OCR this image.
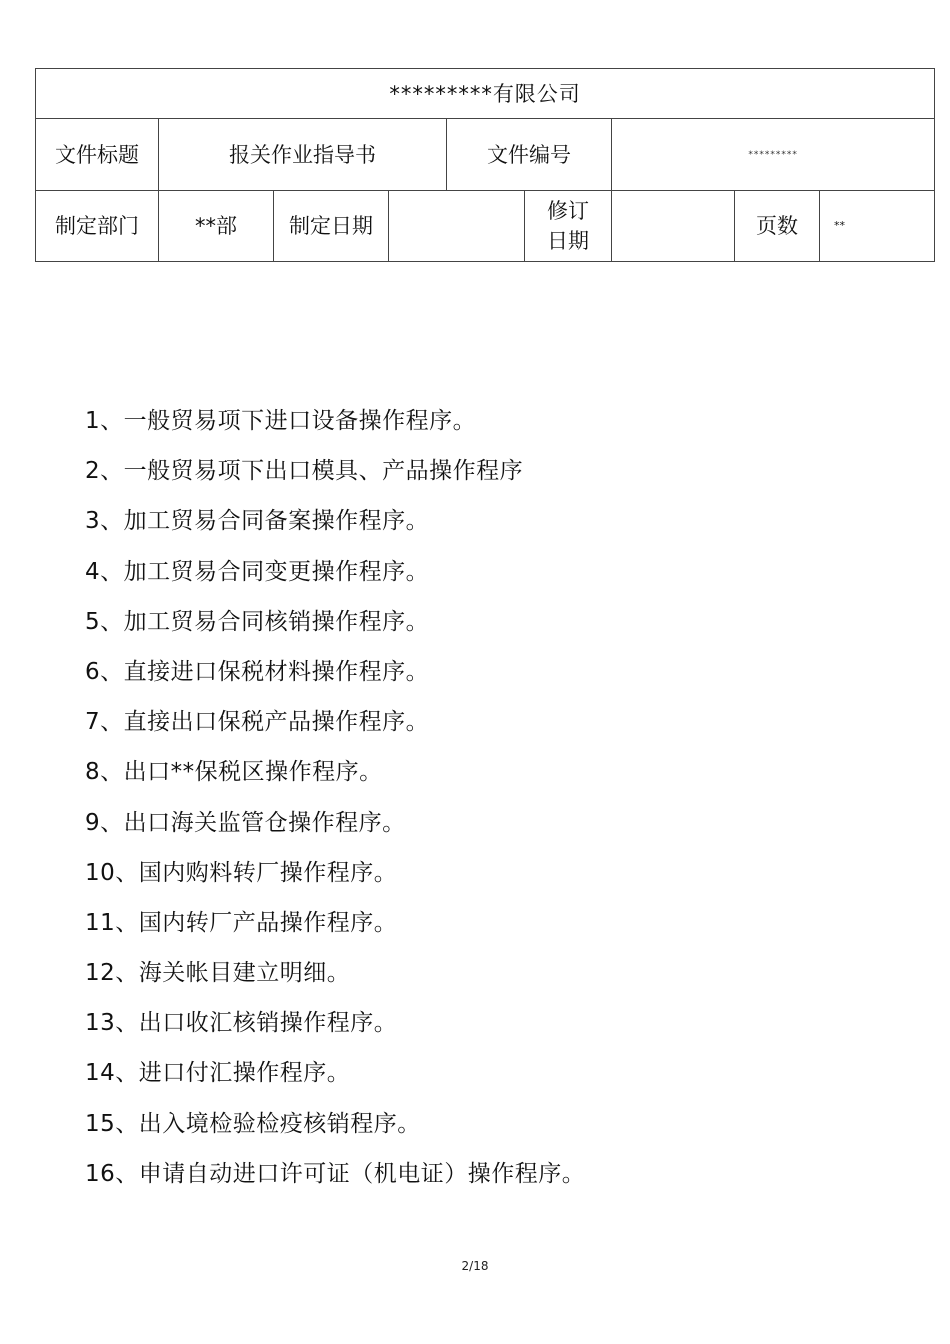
*********有限公司								
文件标题	报关作业指导书			文件编号		*********		
制定部门	**部	制定日期			修订日期		页数	**
1、一般贸易项下进口设备操作程序。
2、一般贸易项下出口模具、产品操作程序
3、加工贸易合同备案操作程序。
4、加工贸易合同变更操作程序。
5、加工贸易合同核销操作程序。
6、直接进口保税材料操作程序。
7、直接出口保税产品操作程序。
8、出口**保税区操作程序。
9、出口海关监管仓操作程序。
10、国内购料转厂操作程序。
11、国内转厂产品操作程序。
12、海关帐目建立明细。
13、出口收汇核销操作程序。
14、进口付汇操作程序。
15、出入境检验检疫核销程序。
16、申请自动进口许可证（机电证）操作程序。
2/18
